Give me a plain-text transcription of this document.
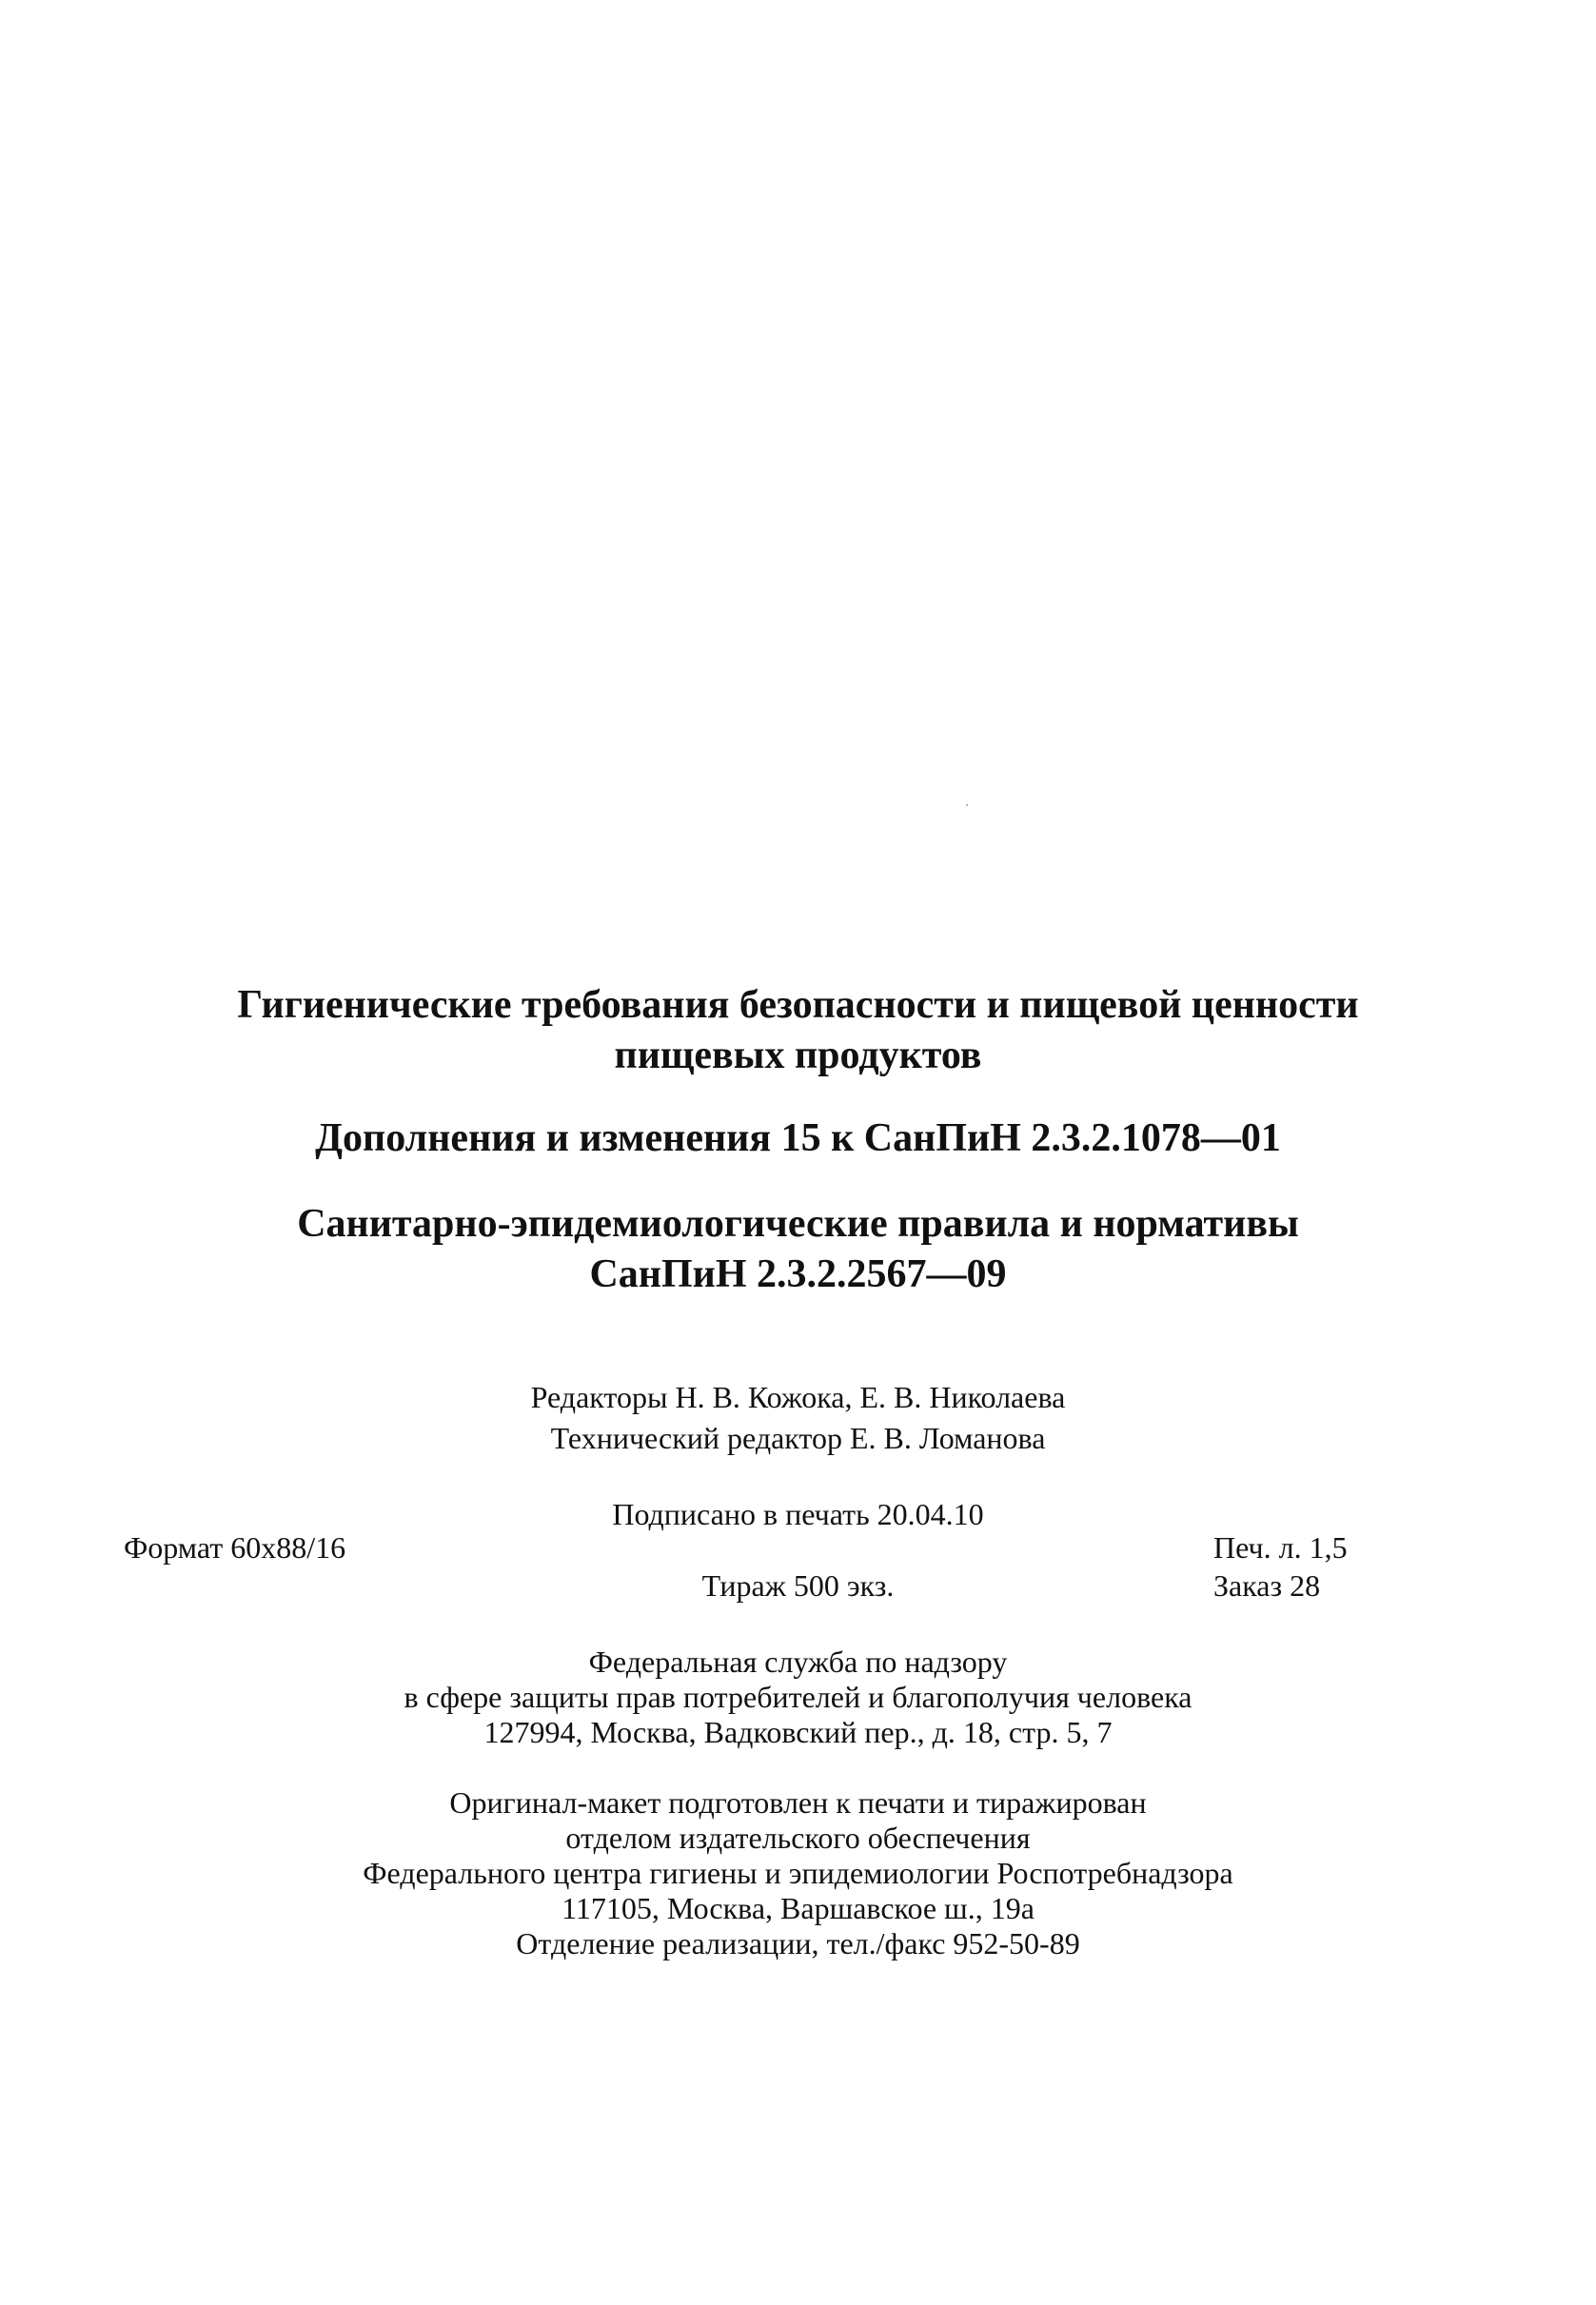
Гигиенические требования безопасности и пищевой ценности
пищевых продуктов
Дополнения и изменения 15 к СанПиН 2.3.2.1078—01
Санитарно-эпидемиологические правила и нормативы
СанПиН 2.3.2.2567—09
Редакторы Н. В. Кожока, Е. В. Николаева
Технический редактор Е. В. Ломанова
Подписано в печать 20.04.10
Формат 60x88/16	Печ. л. 1,5
Тираж 500 экз.	Заказ 28
Федеральная служба по надзору
в сфере защиты прав потребителей и благополучия человека
127994, Москва, Вадковский пер., д. 18, стр. 5, 7
Оригинал-макет подготовлен к печати и тиражирован
отделом издательского обеспечения
Федерального центра гигиены и эпидемиологии Роспотребнадзора
117105, Москва, Варшавское ш., 19а
Отделение реализации, тел./факс 952-50-89
